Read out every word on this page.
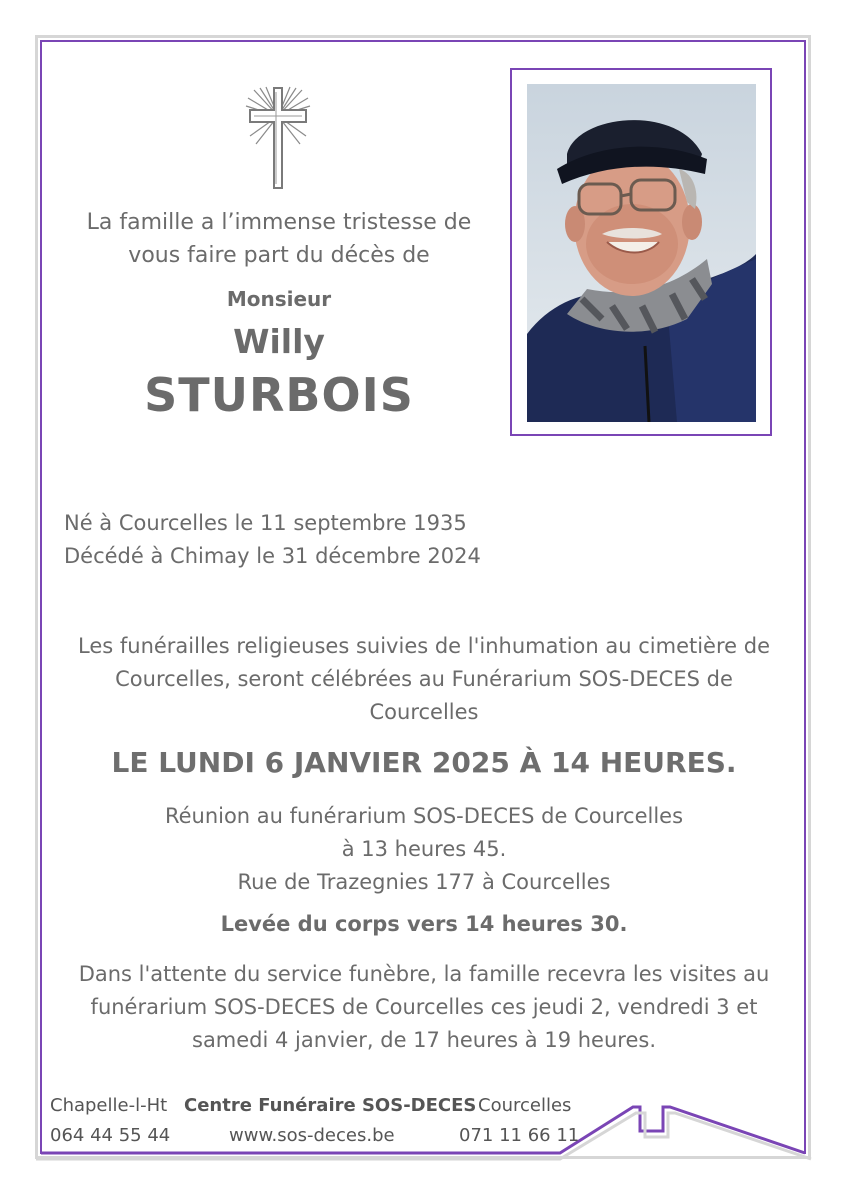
La famille a l’immense tristesse de
vous faire part du décès de
Monsieur
Willy
STURBOIS
Né à Courcelles le 11 septembre 1935
Décédé à Chimay le 31 décembre 2024
Les funérailles religieuses suivies de l'inhumation au cimetière de
Courcelles, seront célébrées au Funérarium SOS-DECES de
Courcelles
LE LUNDI 6 JANVIER 2025 À 14 HEURES.
Réunion au funérarium SOS-DECES de Courcelles
à 13 heures 45.
Rue de Trazegnies 177 à Courcelles
Levée du corps vers 14 heures 30.
Dans l'attente du service funèbre, la famille recevra les visites au
funérarium SOS-DECES de Courcelles ces jeudi 2, vendredi 3 et
samedi 4 janvier, de 17 heures à 19 heures.
Chapelle-l-Ht
064 44 55 44
Centre Funéraire SOS-DECES
www.sos-deces.be
Courcelles
071 11 66 11
